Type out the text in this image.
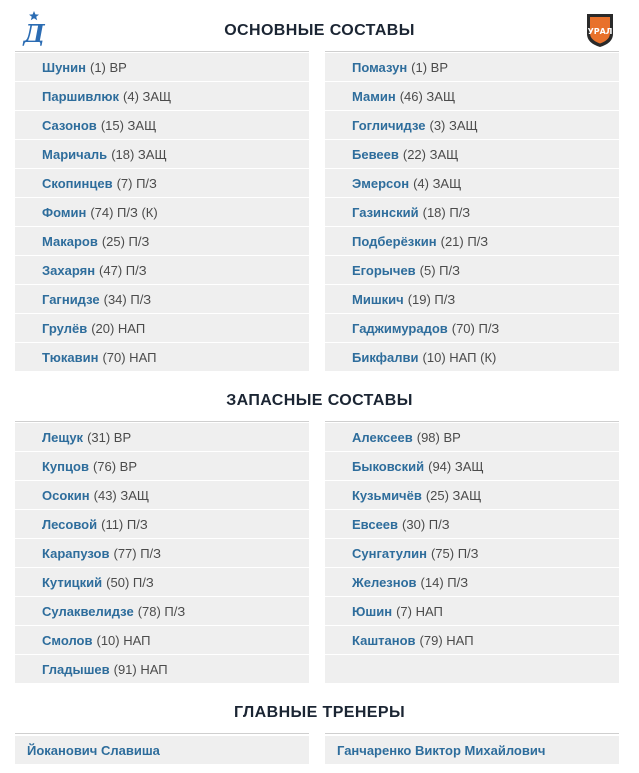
Д	УРАЛ
ОСНОВНЫЕ СОСТАВЫ
Шунин (1) ВР
Паршивлюк (4) ЗАЩ
Сазонов (15) ЗАЩ
Маричаль (18) ЗАЩ
Скопинцев (7) П/З
Фомин (74) П/З (К)
Макаров (25) П/З
Захарян (47) П/З
Гагнидзе (34) П/З
Грулёв (20) НАП
Тюкавин (70) НАП
Помазун (1) ВР
Мамин (46) ЗАЩ
Гогличидзе (3) ЗАЩ
Бевеев (22) ЗАЩ
Эмерсон (4) ЗАЩ
Газинский (18) П/З
Подберёзкин (21) П/З
Егорычев (5) П/З
Мишкич (19) П/З
Гаджимурадов (70) П/З
Бикфалви (10) НАП (К)
ЗАПАСНЫЕ СОСТАВЫ
Лещук (31) ВР
Купцов (76) ВР
Осокин (43) ЗАЩ
Лесовой (11) П/З
Карапузов (77) П/З
Кутицкий (50) П/З
Сулаквелидзе (78) П/З
Смолов (10) НАП
Гладышев (91) НАП
Алексеев (98) ВР
Быковский (94) ЗАЩ
Кузьмичёв (25) ЗАЩ
Евсеев (30) П/З
Сунгатулин (75) П/З
Железнов (14) П/З
Юшин (7) НАП
Каштанов (79) НАП
ГЛАВНЫЕ ТРЕНЕРЫ
Йоканович Славиша	Ганчаренко Виктор Михайлович
